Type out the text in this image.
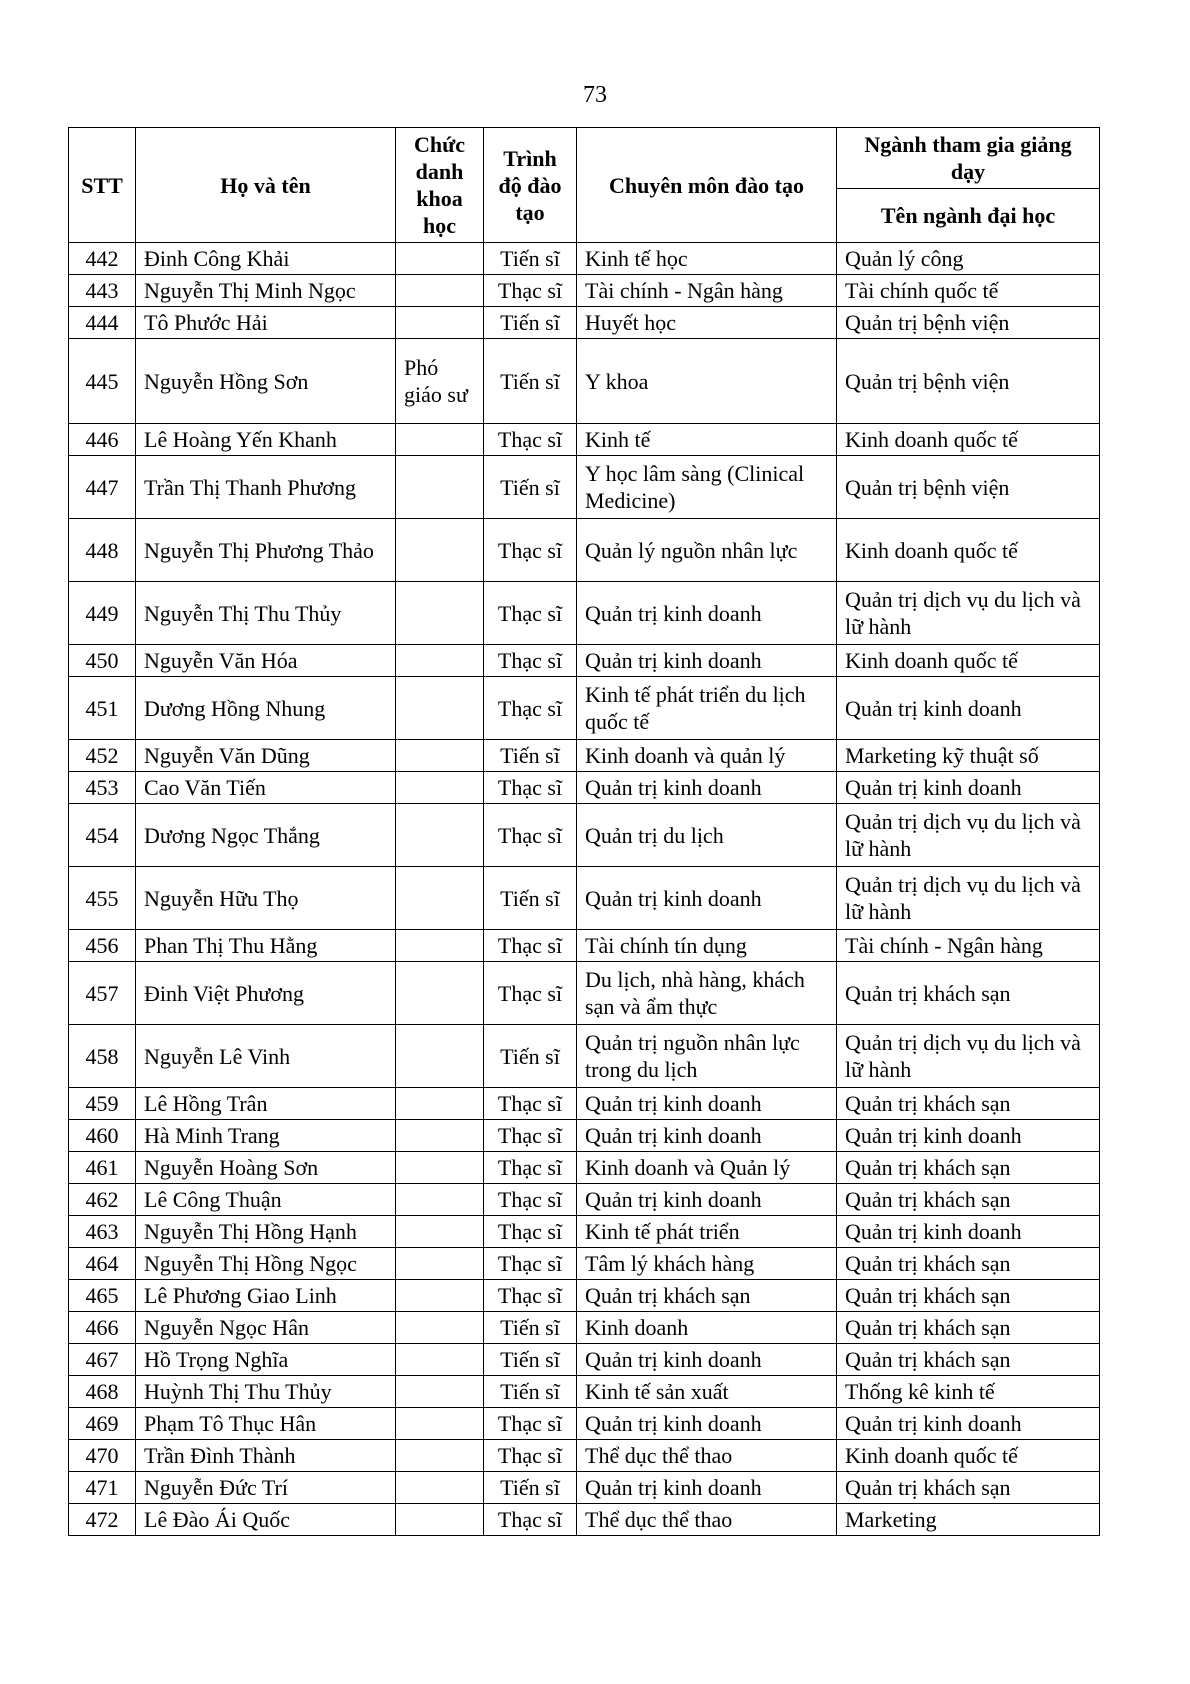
73
STT	Họ và tên	Chức danh khoa học	Trình độ đào tạo	Chuyên môn đào tạo	Ngành tham gia giảng dạy
					Tên ngành đại học
442	Đinh Công Khải		Tiến sĩ	Kinh tế học	Quản lý công
443	Nguyễn Thị Minh Ngọc		Thạc sĩ	Tài chính - Ngân hàng	Tài chính quốc tế
444	Tô Phước Hải		Tiến sĩ	Huyết học	Quản trị bệnh viện
445	Nguyễn Hồng Sơn	Phó giáo sư	Tiến sĩ	Y khoa	Quản trị bệnh viện
446	Lê Hoàng Yến Khanh		Thạc sĩ	Kinh tế	Kinh doanh quốc tế
447	Trần Thị Thanh Phương		Tiến sĩ	Y học lâm sàng (Clinical Medicine)	Quản trị bệnh viện
448	Nguyễn Thị Phương Thảo		Thạc sĩ	Quản lý nguồn nhân lực	Kinh doanh quốc tế
449	Nguyễn Thị Thu Thủy		Thạc sĩ	Quản trị kinh doanh	Quản trị dịch vụ du lịch và lữ hành
450	Nguyễn Văn Hóa		Thạc sĩ	Quản trị kinh doanh	Kinh doanh quốc tế
451	Dương Hồng Nhung		Thạc sĩ	Kinh tế phát triển du lịch quốc tế	Quản trị kinh doanh
452	Nguyễn Văn Dũng		Tiến sĩ	Kinh doanh và quản lý	Marketing kỹ thuật số
453	Cao Văn Tiến		Thạc sĩ	Quản trị kinh doanh	Quản trị kinh doanh
454	Dương Ngọc Thắng		Thạc sĩ	Quản trị du lịch	Quản trị dịch vụ du lịch và lữ hành
455	Nguyễn Hữu Thọ		Tiến sĩ	Quản trị kinh doanh	Quản trị dịch vụ du lịch và lữ hành
456	Phan Thị Thu Hằng		Thạc sĩ	Tài chính tín dụng	Tài chính - Ngân hàng
457	Đinh Việt Phương		Thạc sĩ	Du lịch, nhà hàng, khách sạn và ẩm thực	Quản trị khách sạn
458	Nguyễn Lê Vinh		Tiến sĩ	Quản trị nguồn nhân lực trong du lịch	Quản trị dịch vụ du lịch và lữ hành
459	Lê Hồng Trân		Thạc sĩ	Quản trị kinh doanh	Quản trị khách sạn
460	Hà Minh Trang		Thạc sĩ	Quản trị kinh doanh	Quản trị kinh doanh
461	Nguyễn Hoàng Sơn		Thạc sĩ	Kinh doanh và Quản lý	Quản trị khách sạn
462	Lê Công Thuận		Thạc sĩ	Quản trị kinh doanh	Quản trị khách sạn
463	Nguyễn Thị Hồng Hạnh		Thạc sĩ	Kinh tế phát triển	Quản trị kinh doanh
464	Nguyễn Thị Hồng Ngọc		Thạc sĩ	Tâm lý khách hàng	Quản trị khách sạn
465	Lê Phương Giao Linh		Thạc sĩ	Quản trị khách sạn	Quản trị khách sạn
466	Nguyễn Ngọc Hân		Tiến sĩ	Kinh doanh	Quản trị khách sạn
467	Hồ Trọng Nghĩa		Tiến sĩ	Quản trị kinh doanh	Quản trị khách sạn
468	Huỳnh Thị Thu Thủy		Tiến sĩ	Kinh tế sản xuất	Thống kê kinh tế
469	Phạm Tô Thục Hân		Thạc sĩ	Quản trị kinh doanh	Quản trị kinh doanh
470	Trần Đình Thành		Thạc sĩ	Thể dục thể thao	Kinh doanh quốc tế
471	Nguyễn Đức Trí		Tiến sĩ	Quản trị kinh doanh	Quản trị khách sạn
472	Lê Đào Ái Quốc		Thạc sĩ	Thể dục thể thao	Marketing
